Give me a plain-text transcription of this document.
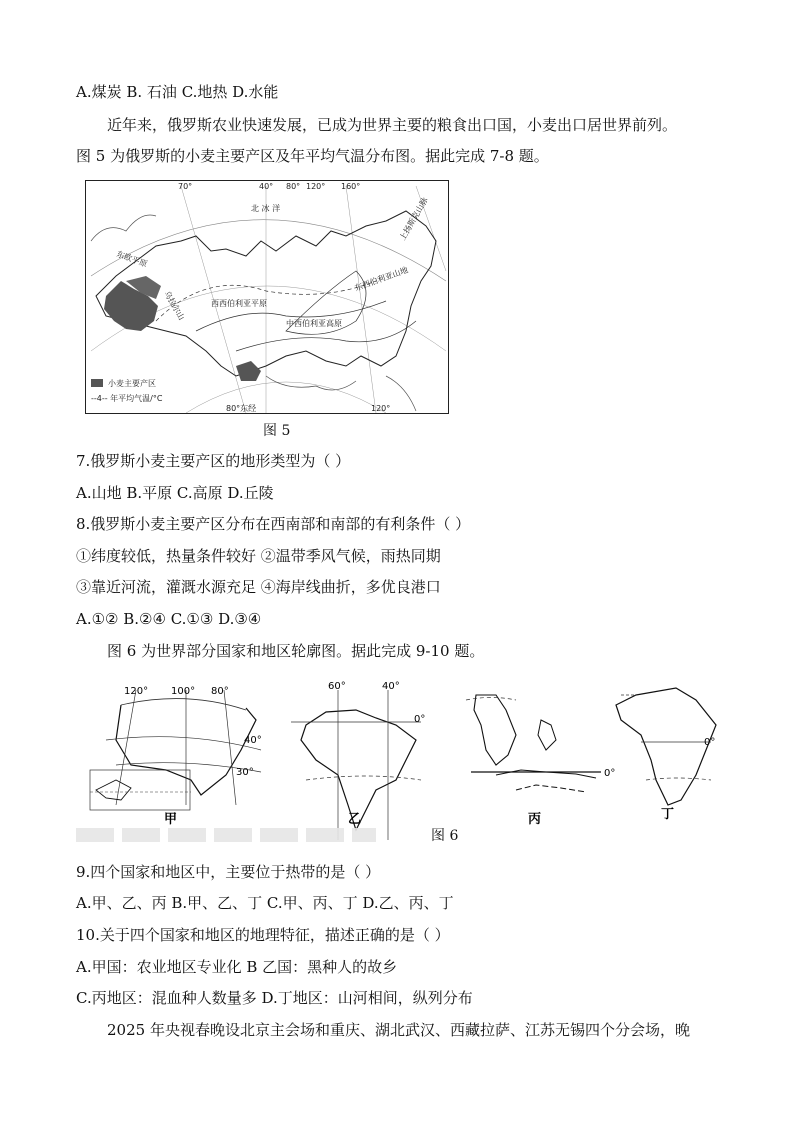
A.煤炭 B. 石油 C.地热 D.水能
近年来，俄罗斯农业快速发展，已成为世界主要的粮食出口国，小麦出口居世界前列。
图 5 为俄罗斯的小麦主要产区及年平均气温分布图。据此完成 7-8 题。
北 冰 洋
东欧平原
西西伯利亚平原
中西伯利亚高原
东西伯利亚山地
乌拉尔山
上扬斯克山脉
70°	40° 80° 120° 160°
120°
80°东经
小麦主要产区
--4-- 年平均气温/°C
图 5
7.俄罗斯小麦主要产区的地形类型为（ ）
A.山地 B.平原 C.高原 D.丘陵
8.俄罗斯小麦主要产区分布在西南部和南部的有利条件（ ）
①纬度较低，热量条件较好 ②温带季风气候，雨热同期
③靠近河流，灌溉水源充足 ④海岸线曲折，多优良港口
A.①② B.②④ C.①③ D.③④
图 6 为世界部分国家和地区轮廓图。据此完成 9-10 题。
120° 100° 80°
40°
30°
甲
60°	40°
0°
乙
0°
丙
0°
丁
图 6
9.四个国家和地区中，主要位于热带的是（ ）
A.甲、乙、丙 B.甲、乙、丁 C.甲、丙、丁 D.乙、丙、丁
10.关于四个国家和地区的地理特征，描述正确的是（ ）
A.甲国：农业地区专业化 B 乙国：黑种人的故乡
C.丙地区：混血种人数量多 D.丁地区：山河相间，纵列分布
2025 年央视春晚设北京主会场和重庆、湖北武汉、西藏拉萨、江苏无锡四个分会场，晚
